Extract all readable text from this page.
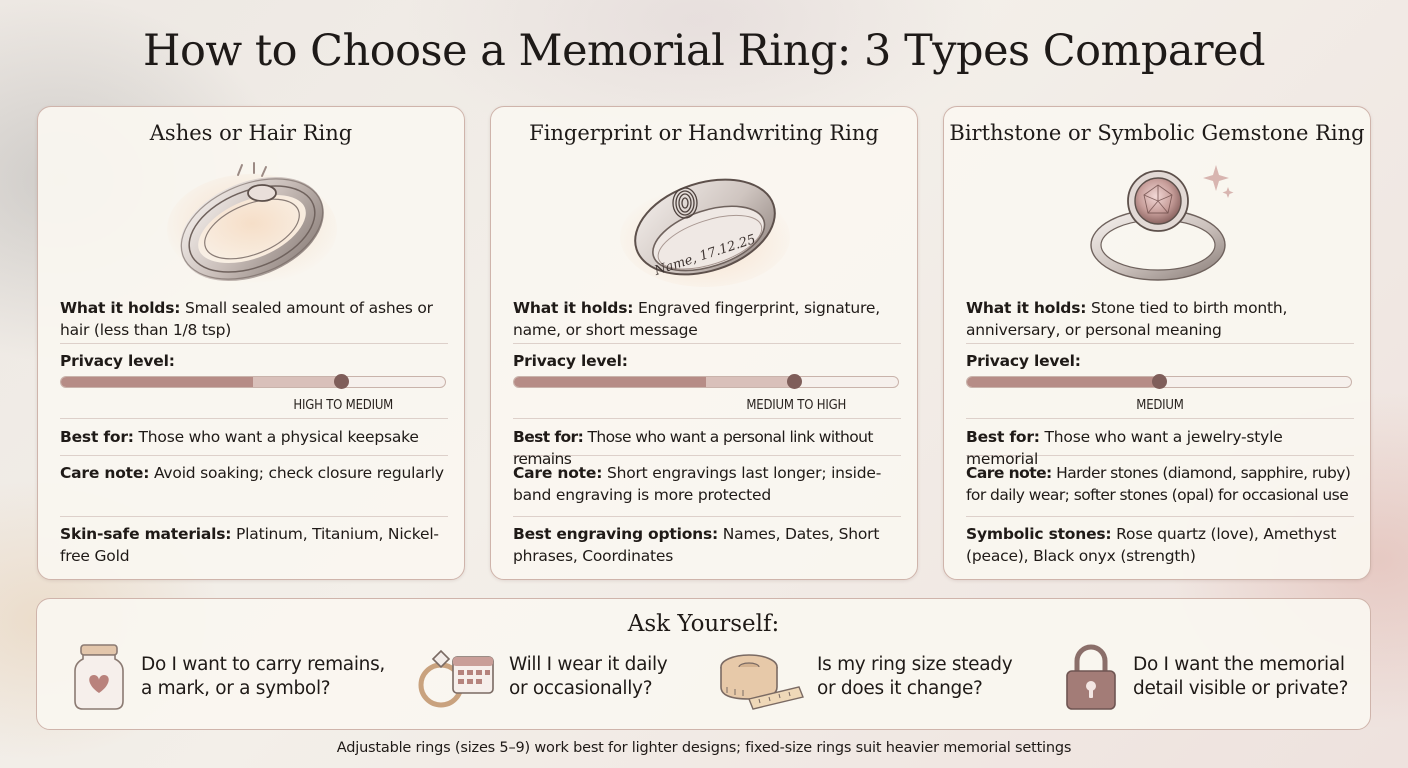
How to Choose a Memorial Ring: 3 Types Compared
Ashes or Hair Ring
What it holds: Small sealed amount of ashes or hair (less than 1/8 tsp)
Privacy level:
HIGH TO MEDIUM
Best for: Those who want a physical keepsake
Care note: Avoid soaking; check closure regularly
Skin-safe materials: Platinum, Titanium, Nickel-free Gold
Fingerprint or Handwriting Ring
Name, 17.12.25
What it holds: Engraved fingerprint, signature, name, or short message
Privacy level:
MEDIUM TO HIGH
Best for: Those who want a personal link without remains
Care note: Short engravings last longer; inside-band engraving is more protected
Best engraving options: Names, Dates, Short phrases, Coordinates
Birthstone or Symbolic Gemstone Ring
What it holds: Stone tied to birth month, anniversary, or personal meaning
Privacy level:
MEDIUM
Best for: Those who want a jewelry-style memorial
Care note: Harder stones (diamond, sapphire, ruby) for daily wear; softer stones (opal) for occasional use
Symbolic stones: Rose quartz (love), Amethyst (peace), Black onyx (strength)
Ask Yourself:
Do I want to carry remains,
a mark, or a symbol?
Will I wear it daily
or occasionally?
Is my ring size steady
or does it change?
Do I want the memorial
detail visible or private?
Adjustable rings (sizes 5–9) work best for lighter designs; fixed-size rings suit heavier memorial settings
